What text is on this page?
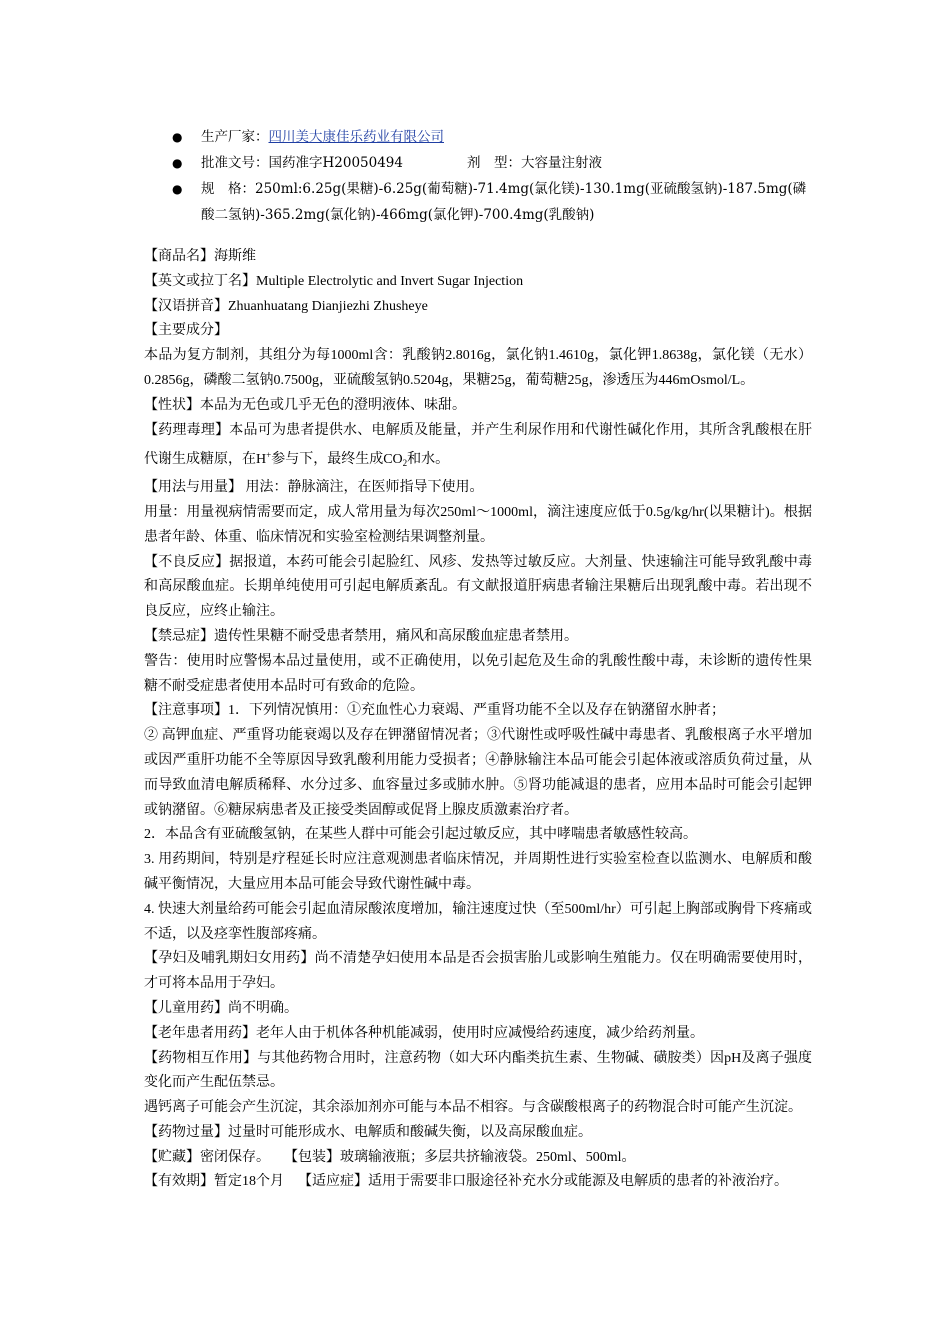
●	生产厂家：四川美大康佳乐药业有限公司
●	批准文号：国药准字H20050494	剂　型：大容量注射液
●	规　格：250ml:6.25g(果糖)-6.25g(葡萄糖)-71.4mg(氯化镁)-130.1mg(亚硫酸氢钠)-187.5mg(磷
酸二氢钠)-365.2mg(氯化钠)-466mg(氯化钾)-700.4mg(乳酸钠)
【商品名】海斯维
【英文或拉丁名】Multiple Electrolytic and Invert Sugar Injection
【汉语拼音】Zhuanhuatang Dianjiezhi Zhusheye
【主要成分】
本品为复方制剂，其组分为每1000ml含：乳酸钠2.8016g，氯化钠1.4610g，氯化钾1.8638g，氯化镁（无水）0.2856g，磷酸二氢钠0.7500g，亚硫酸氢钠0.5204g，果糖25g，葡萄糖25g，渗透压为446mOsmol/L。
【性状】本品为无色或几乎无色的澄明液体、味甜。
【药理毒理】本品可为患者提供水、电解质及能量，并产生利尿作用和代谢性碱化作用，其所含乳酸根在肝代谢生成糖原，在H+参与下，最终生成$CO_2$和水。
【用法与用量】 用法：静脉滴注，在医师指导下使用。
用量：用量视病情需要而定，成人常用量为每次250ml～1000ml，滴注速度应低于0.5g/kg/hr(以果糖计)。根据患者年龄、体重、临床情况和实验室检测结果调整剂量。
【不良反应】据报道，本药可能会引起脸红、风疹、发热等过敏反应。大剂量、快速输注可能导致乳酸中毒和高尿酸血症。长期单纯使用可引起电解质紊乱。有文献报道肝病患者输注果糖后出现乳酸中毒。若出现不良反应，应终止输注。
【禁忌症】遗传性果糖不耐受患者禁用，痛风和高尿酸血症患者禁用。
警告：使用时应警惕本品过量使用，或不正确使用，以免引起危及生命的乳酸性酸中毒，未诊断的遗传性果糖不耐受症患者使用本品时可有致命的危险。
【注意事项】1．下列情况慎用：①充血性心力衰竭、严重肾功能不全以及存在钠潴留水肿者；
② 高钾血症、严重肾功能衰竭以及存在钾潴留情况者；③代谢性或呼吸性碱中毒患者、乳酸根离子水平增加或因严重肝功能不全等原因导致乳酸利用能力受损者；④静脉输注本品可能会引起体液或溶质负荷过量，从而导致血清电解质稀释、水分过多、血容量过多或肺水肿。⑤肾功能减退的患者，应用本品时可能会引起钾或钠潴留。⑥糖尿病患者及正接受类固醇或促肾上腺皮质激素治疗者。
2．本品含有亚硫酸氢钠，在某些人群中可能会引起过敏反应，其中哮喘患者敏感性较高。
3. 用药期间，特别是疗程延长时应注意观测患者临床情况，并周期性进行实验室检查以监测水、电解质和酸碱平衡情况，大量应用本品可能会导致代谢性碱中毒。
4. 快速大剂量给药可能会引起血清尿酸浓度增加，输注速度过快（至500ml/hr）可引起上胸部或胸骨下疼痛或不适，以及痉挛性腹部疼痛。
【孕妇及哺乳期妇女用药】尚不清楚孕妇使用本品是否会损害胎儿或影响生殖能力。仅在明确需要使用时，才可将本品用于孕妇。
【儿童用药】尚不明确。
【老年患者用药】老年人由于机体各种机能减弱，使用时应减慢给药速度，减少给药剂量。
【药物相互作用】与其他药物合用时，注意药物（如大环内酯类抗生素、生物碱、磺胺类）因pH及离子强度变化而产生配伍禁忌。
遇钙离子可能会产生沉淀，其余添加剂亦可能与本品不相容。与含碳酸根离子的药物混合时可能产生沉淀。
【药物过量】过量时可能形成水、电解质和酸碱失衡，以及高尿酸血症。
【贮藏】密闭保存。 【包装】玻璃输液瓶；多层共挤输液袋。250ml、500ml。
【有效期】暂定18个月 【适应症】适用于需要非口服途径补充水分或能源及电解质的患者的补液治疗。
